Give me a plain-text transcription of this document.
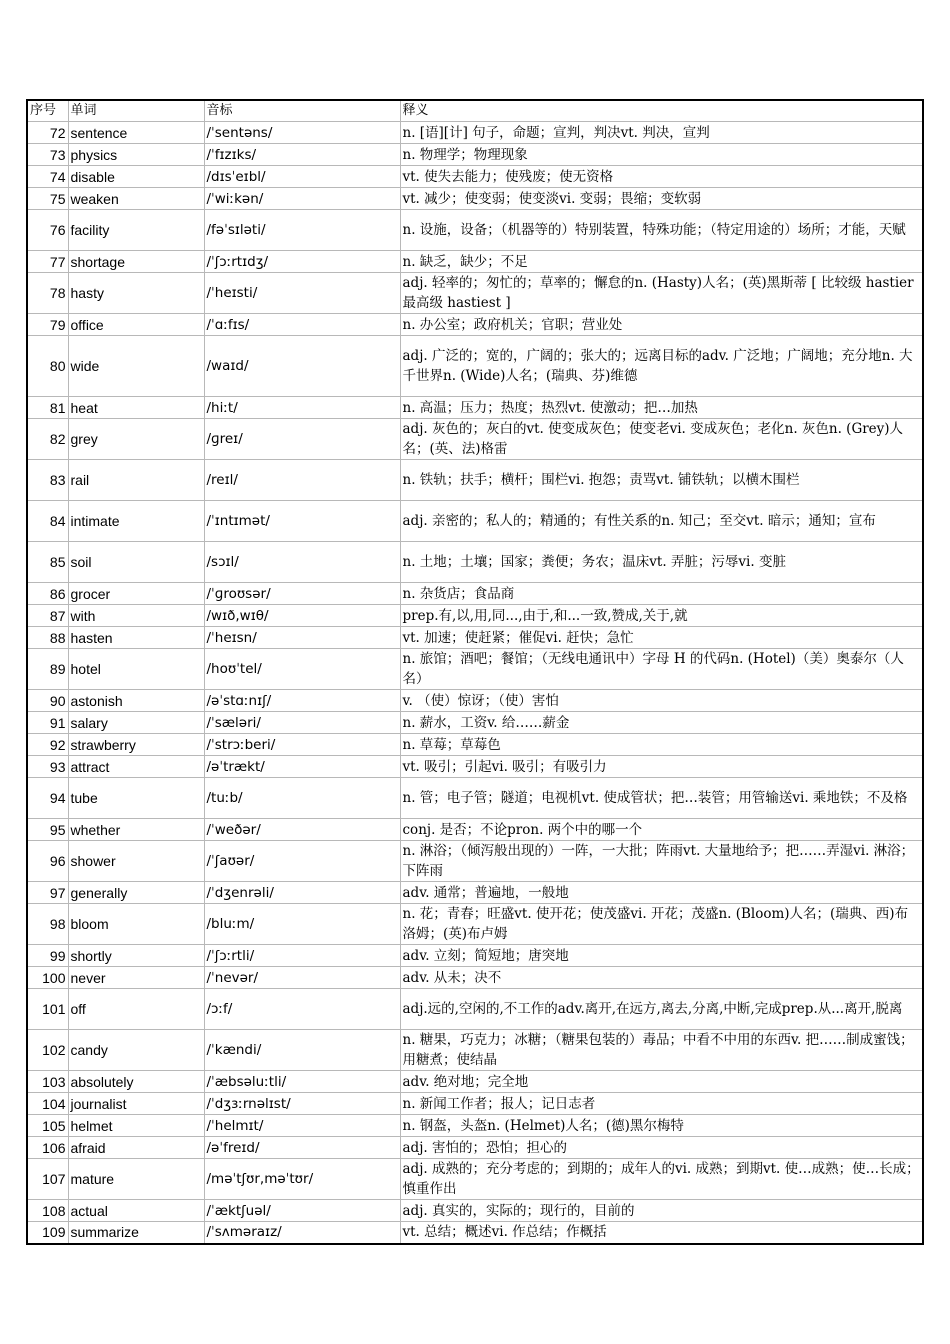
序号	单词	音标	释义
72	sentence	/ˈsentəns/	n. [语][计] 句子，命题；宣判，判决vt. 判决，宣判
73	physics	/ˈfɪzɪks/	n. 物理学；物理现象
74	disable	/dɪsˈeɪbl/	vt. 使失去能力；使残废；使无资格
75	weaken	/ˈwiːkən/	vt. 减少；使变弱；使变淡vi. 变弱；畏缩；变软弱
76	facility	/fəˈsɪləti/	n. 设施，设备；（机器等的）特别装置，特殊功能；（特定用途的）场所；才能，天赋
77	shortage	/ˈʃɔːrtɪdʒ/	n. 缺乏，缺少；不足
78	hasty	/ˈheɪsti/	adj. 轻率的；匆忙的；草率的；懈怠的n. (Hasty)人名；(英)黑斯蒂 [ 比较级 hastier 最高级 hastiest ]
79	office	/ˈɑːfɪs/	n. 办公室；政府机关；官职；营业处
80	wide	/waɪd/	adj. 广泛的；宽的，广阔的；张大的；远离目标的adv. 广泛地；广阔地；充分地n. 大千世界n. (Wide)人名；(瑞典、芬)维德
81	heat	/hiːt/	n. 高温；压力；热度；热烈vt. 使激动；把…加热
82	grey	/ɡreɪ/	adj. 灰色的；灰白的vt. 使变成灰色；使变老vi. 变成灰色；老化n. 灰色n. (Grey)人名；(英、法)格雷
83	rail	/reɪl/	n. 铁轨；扶手；横杆；围栏vi. 抱怨；责骂vt. 铺铁轨；以横木围栏
84	intimate	/ˈɪntɪmət/	adj. 亲密的；私人的；精通的；有性关系的n. 知己；至交vt. 暗示；通知；宣布
85	soil	/sɔɪl/	n. 土地；土壤；国家；粪便；务农；温床vt. 弄脏；污辱vi. 变脏
86	grocer	/ˈɡroʊsər/	n. 杂货店；食品商
87	with	/wɪð,wɪθ/	prep.有,以,用,同...,由于,和...一致,赞成,关于,就
88	hasten	/ˈheɪsn/	vt. 加速；使赶紧；催促vi. 赶快；急忙
89	hotel	/hoʊˈtel/	n. 旅馆；酒吧；餐馆；（无线电通讯中）字母 H 的代码n. (Hotel)（美）奥泰尔（人名）
90	astonish	/əˈstɑːnɪʃ/	v. （使）惊讶；（使）害怕
91	salary	/ˈsæləri/	n. 薪水，工资v. 给……薪金
92	strawberry	/ˈstrɔːberi/	n. 草莓；草莓色
93	attract	/əˈtrækt/	vt. 吸引；引起vi. 吸引；有吸引力
94	tube	/tuːb/	n. 管；电子管；隧道；电视机vt. 使成管状；把…装管；用管输送vi. 乘地铁；不及格
95	whether	/ˈweðər/	conj. 是否；不论pron. 两个中的哪一个
96	shower	/ˈʃaʊər/	n. 淋浴；（倾泻般出现的）一阵，一大批；阵雨vt. 大量地给予；把……弄湿vi. 淋浴；下阵雨
97	generally	/ˈdʒenrəli/	adv. 通常；普遍地，一般地
98	bloom	/bluːm/	n. 花；青春；旺盛vt. 使开花；使茂盛vi. 开花；茂盛n. (Bloom)人名；(瑞典、西)布洛姆；(英)布卢姆
99	shortly	/ˈʃɔːrtli/	adv. 立刻；简短地；唐突地
100	never	/ˈnevər/	adv. 从未；决不
101	off	/ɔːf/	adj.远的,空闲的,不工作的adv.离开,在远方,离去,分离,中断,完成prep.从...离开,脱离
102	candy	/ˈkændi/	n. 糖果，巧克力；冰糖；（糖果包装的）毒品；中看不中用的东西v. 把……制成蜜饯；用糖煮；使结晶
103	absolutely	/ˈæbsəluːtli/	adv. 绝对地；完全地
104	journalist	/ˈdʒɜːrnəlɪst/	n. 新闻工作者；报人；记日志者
105	helmet	/ˈhelmɪt/	n. 钢盔，头盔n. (Helmet)人名；(德)黑尔梅特
106	afraid	/əˈfreɪd/	adj. 害怕的；恐怕；担心的
107	mature	/məˈtʃʊr,məˈtʊr/	adj. 成熟的；充分考虑的；到期的；成年人的vi. 成熟；到期vt. 使…成熟；使…长成；慎重作出
108	actual	/ˈæktʃuəl/	adj. 真实的，实际的；现行的，目前的
109	summarize	/ˈsʌməraɪz/	vt. 总结；概述vi. 作总结；作概括
